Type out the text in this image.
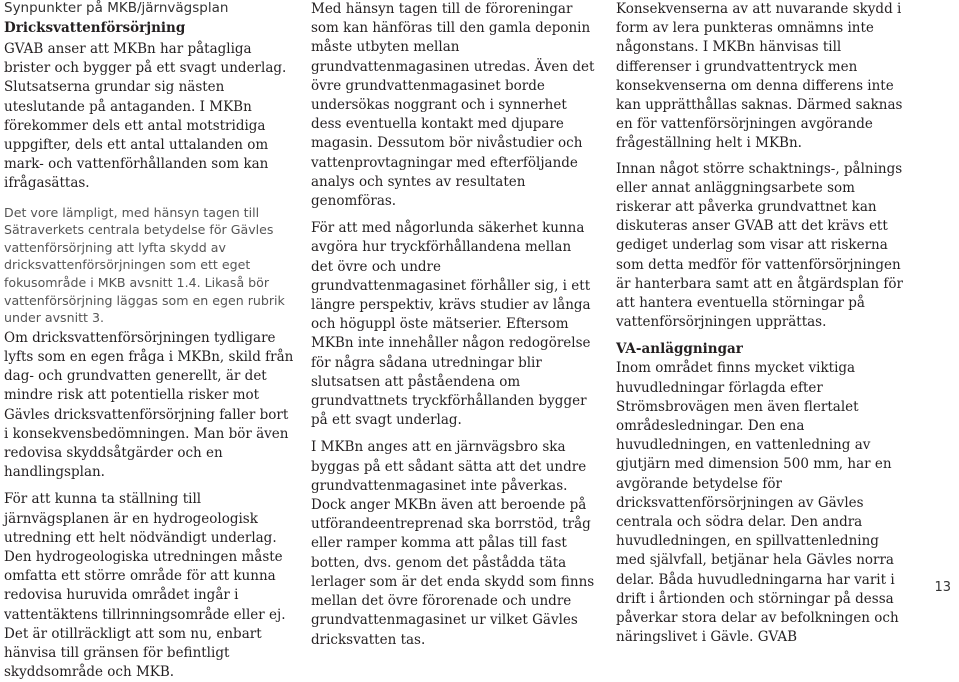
Synpunkter på MKB/järnvägsplan
Dricksvattenförsörjning

GVAB anser att MKBn har påtagliga brister och bygger på ett svagt underlag. Slutsatserna grundar sig nästen uteslutande på antaganden. I MKBn förekommer dels ett antal motstridiga uppgifter, dels ett antal uttalanden om mark- och vattenförhållanden som kan ifrågasättas.

Det vore lämpligt, med hänsyn tagen till Sätraverkets centrala betydelse för Gävles vattenförsörjning att lyfta skydd av dricksvattenförsörjningen som ett eget fokusområde i MKB avsnitt 1.4. Likaså bör vattenförsörjning läggas som en egen rubrik under avsnitt 3.

Om dricksvattenförsörjningen tydligare lyfts som en egen fråga i MKBn, skild från dag- och grundvatten generellt, är det mindre risk att potentiella risker mot Gävles dricksvattenförsörjning faller bort i konsekvensbedömningen. Man bör även redovisa skyddsåtgärder och en handlingsplan.

För att kunna ta ställning till järnvägsplanen är en hydrogeologisk utredning ett helt nödvändigt underlag. Den hydrogeologiska utredningen måste omfatta ett större område för att kunna redovisa huruvida området ingår i vattentäktens tillrinningsområde eller ej. Det är otillräckligt att som nu, enbart hänvisa till gränsen för befintligt skyddsområde och MKB.

Med hänsyn tagen till de föroreningar som kan hänföras till den gamla deponin måste utbyten mellan grundvattenmagasinen utredas. Även det övre grundvattenmagasinet borde undersökas noggrant och i synnerhet dess eventuella kontakt med djupare magasin. Dessutom bör nivåstudier och vattenprovtagningar med efterföljande analys och syntes av resultaten genomföras.

För att med någorlunda säkerhet kunna avgöra hur tryckförhållandena mellan det övre och undre grundvattenmagasinet förhåller sig, i ett längre perspektiv, krävs studier av långa och höguppl öste mätserier. Eftersom MKBn inte innehåller någon redogörelse för några sådana utredningar blir slutsatsen att påståendena om grundvattnets tryckförhållanden bygger på ett svagt underlag.

I MKBn anges att en järnvägsbro ska byggas på ett sådant sätta att det undre grundvattenmagasinet inte påverkas. Dock anger MKBn även att beroende på utförandeentreprenad ska borrstöd, tråg eller ramper komma att pålas till fast botten, dvs. genom det påstådda täta lerlager som är det enda skydd som finns mellan det övre förorenade och undre grundvattenmagasinet ur vilket Gävles dricksvatten tas.

Konsekvenserna av att nuvarande skydd i form av lera punkteras omnämns inte någonstans. I MKBn hänvisas till differenser i grundvattentryck men konsekvenserna om denna differens inte kan upprätthållas saknas. Därmed saknas en för vattenförsörjningen avgörande frågeställning helt i MKBn.

Innan något större schaktnings-, pålnings eller annat anläggningsarbete som riskerar att påverka grundvattnet kan diskuteras anser GVAB att det krävs ett gediget underlag som visar att riskerna som detta medför för vattenförsörjningen är hanterbara samt att en åtgärdsplan för att hantera eventuella störningar på vattenförsörjningen upprättas.

VA-anläggningar

Inom området finns mycket viktiga huvudledningar förlagda efter Strömsbrovägen men även flertalet områdesledningar. Den ena huvudledningen, en vattenledning av gjutjärn med dimension 500 mm, har en avgörande betydelse för dricksvattenförsörjningen av Gävles centrala och södra delar. Den andra huvudledningen, en spillvattenledning med självfall, betjänar hela Gävles norra delar. Båda huvudledningarna har varit i drift i årtionden och störningar på dessa påverkar stora delar av befolkningen och näringslivet i Gävle. GVAB

13
